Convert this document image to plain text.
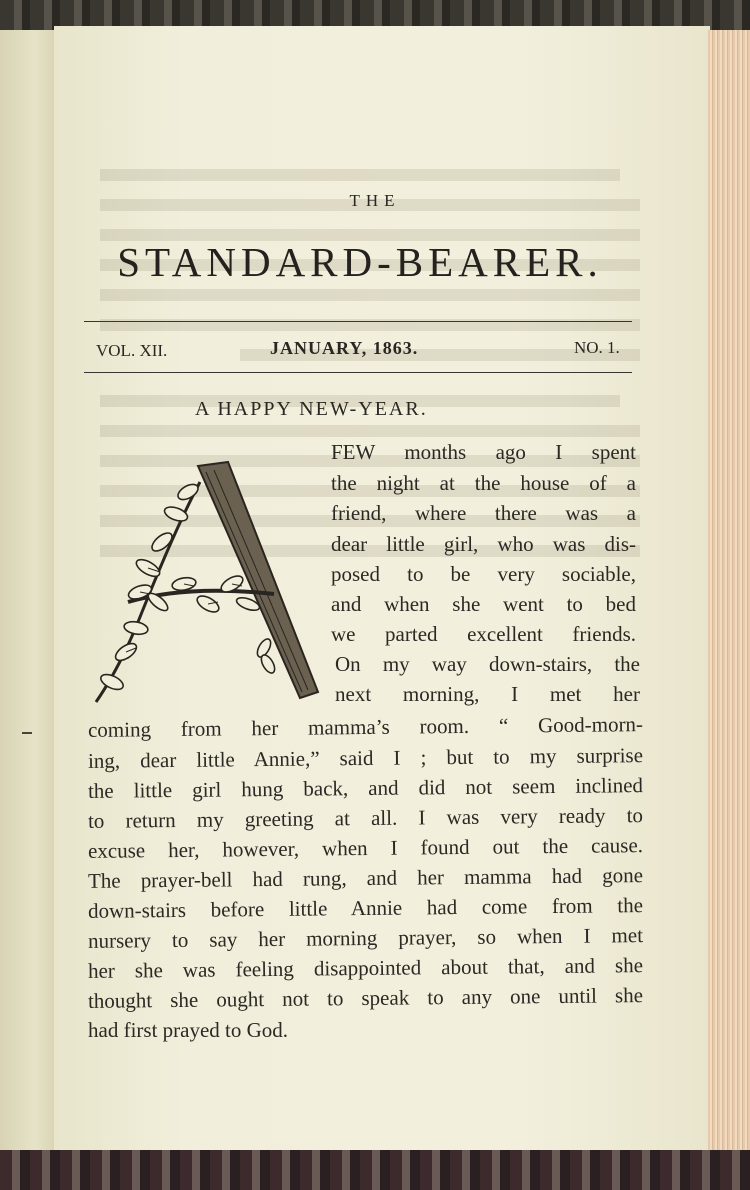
THE
STANDARD-BEARER.
VOL. XII.	JANUARY, 1863.	NO. 1.
A HAPPY NEW-YEAR.
FEW months ago I spent
the night at the house of a
friend, where there was a
dear little girl, who was dis-
posed to be very sociable,
and when she went to bed
we parted excellent friends.
On my way down-stairs, the
next morning, I met her
coming from her mamma’s room. “ Good-morn-
ing, dear little Annie,” said I ; but to my surprise
the little girl hung back, and did not seem inclined
to return my greeting at all. I was very ready to
excuse her, however, when I found out the cause.
The prayer-bell had rung, and her mamma had gone
down-stairs before little Annie had come from the
nursery to say her morning prayer, so when I met
her she was feeling disappointed about that, and she
thought she ought not to speak to any one until she
had first prayed to God.
